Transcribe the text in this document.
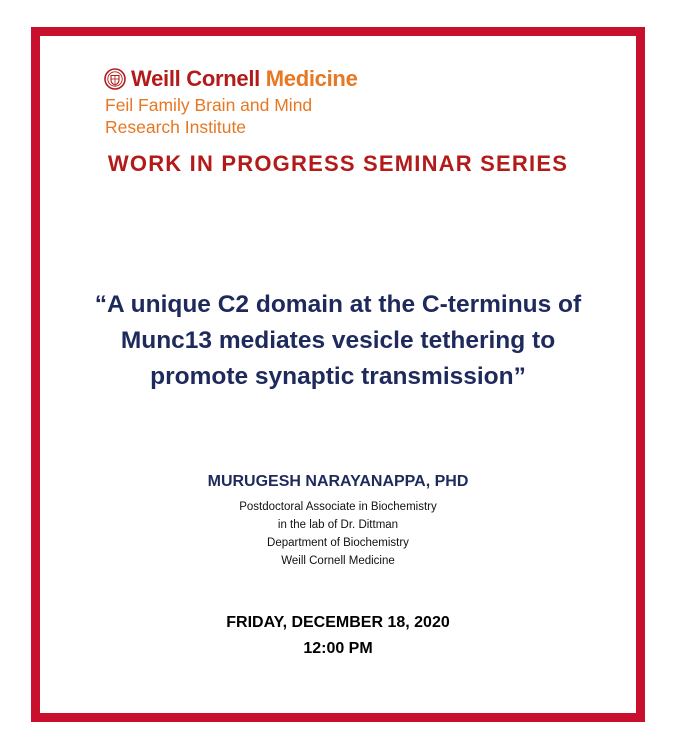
Weill Cornell Medicine
Feil Family Brain and Mind
Research Institute
WORK IN PROGRESS SEMINAR SERIES
“A unique C2 domain at the C-terminus of
Munc13 mediates vesicle tethering to
promote synaptic transmission”
MURUGESH NARAYANAPPA, PHD
Postdoctoral Associate in Biochemistry
in the lab of Dr. Dittman
Department of Biochemistry
Weill Cornell Medicine
FRIDAY, DECEMBER 18, 2020
12:00 PM
